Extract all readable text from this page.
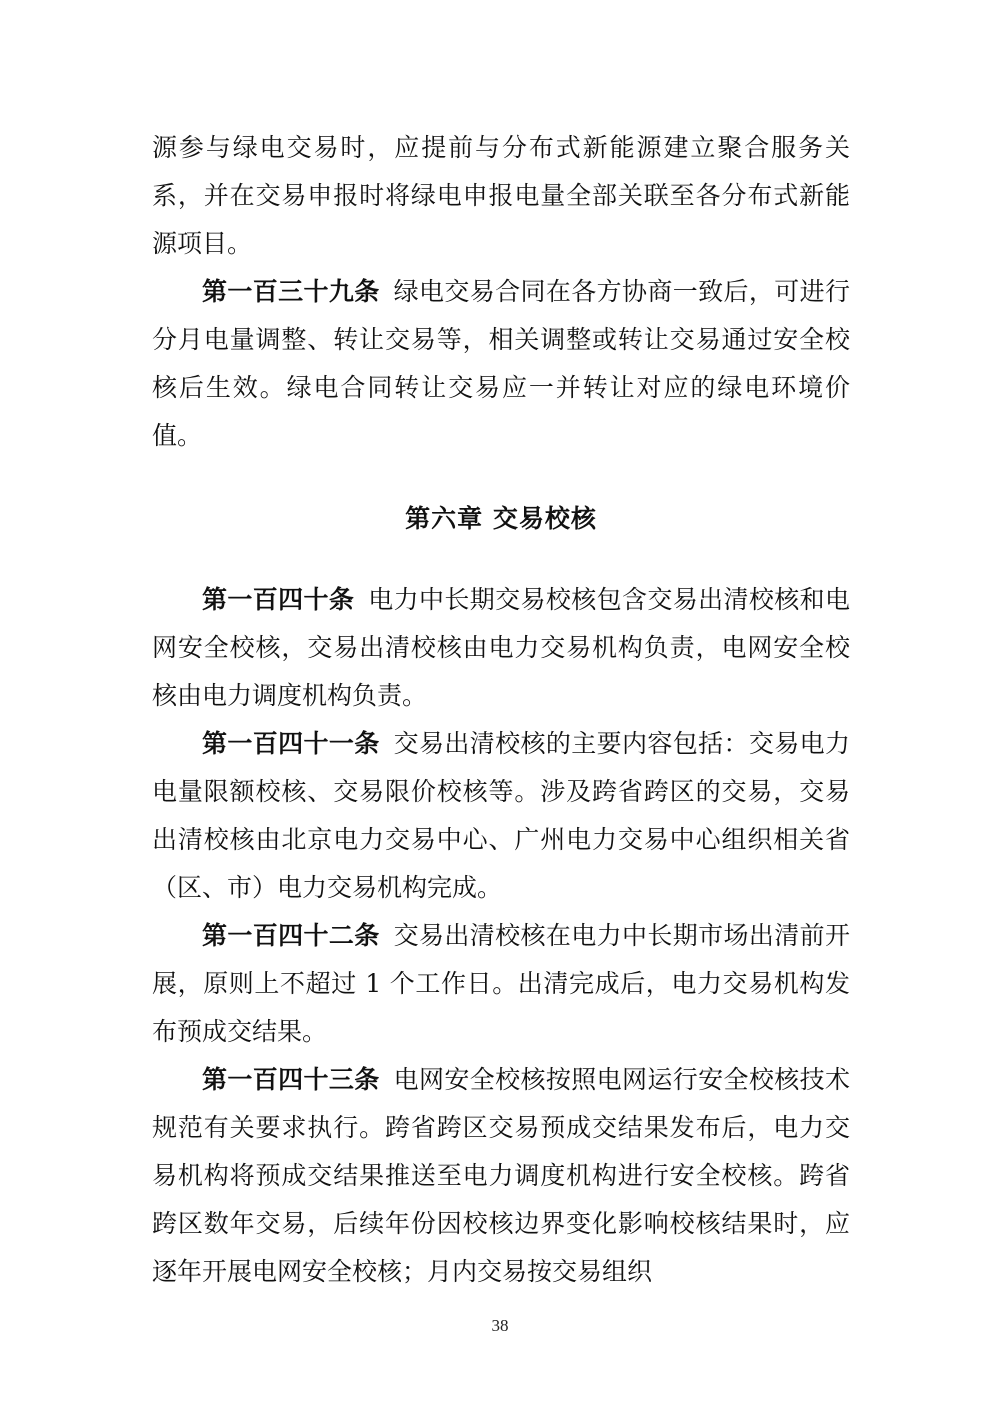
源参与绿电交易时，应提前与分布式新能源建立聚合服务关系，并在交易申报时将绿电申报电量全部关联至各分布式新能源项目。

第一百三十九条 绿电交易合同在各方协商一致后，可进行分月电量调整、转让交易等，相关调整或转让交易通过安全校核后生效。绿电合同转让交易应一并转让对应的绿电环境价值。

第六章 交易校核

第一百四十条 电力中长期交易校核包含交易出清校核和电网安全校核，交易出清校核由电力交易机构负责，电网安全校核由电力调度机构负责。

第一百四十一条 交易出清校核的主要内容包括：交易电力电量限额校核、交易限价校核等。涉及跨省跨区的交易，交易出清校核由北京电力交易中心、广州电力交易中心组织相关省（区、市）电力交易机构完成。

第一百四十二条 交易出清校核在电力中长期市场出清前开展，原则上不超过 1 个工作日。出清完成后，电力交易机构发布预成交结果。

第一百四十三条 电网安全校核按照电网运行安全校核技术规范有关要求执行。跨省跨区交易预成交结果发布后，电力交易机构将预成交结果推送至电力调度机构进行安全校核。跨省跨区数年交易，后续年份因校核边界变化影响校核结果时，应逐年开展电网安全校核；月内交易按交易组织

38
